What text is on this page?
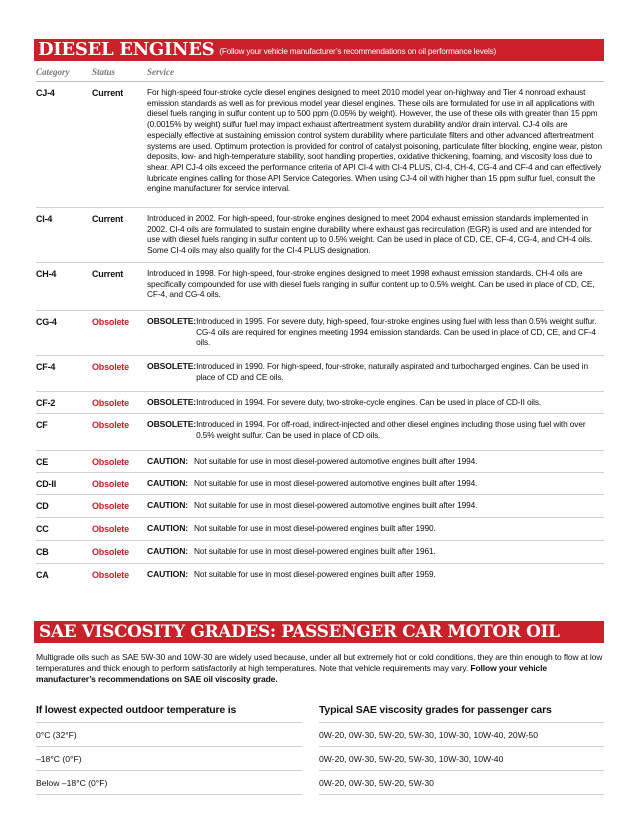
DIESEL ENGINES (Follow your vehicle manufacturer’s recommendations on oil performance levels)
Category	Status	Service
CJ-4	Current	For high-speed four-stroke cycle diesel engines designed to meet 2010 model year on-highway and Tier 4 nonroad exhaust emission standards as well as for previous model year diesel engines. These oils are formulated for use in all applications with diesel fuels ranging in sulfur content up to 500 ppm (0.05% by weight). However, the use of these oils with greater than 15 ppm (0.0015% by weight) sulfur fuel may impact exhaust aftertreatment system durability and/or drain interval. CJ-4 oils are especially effective at sustaining emission control system durability where particulate filters and other advanced aftertreatment systems are used. Optimum protection is provided for control of catalyst poisoning, particulate filter blocking, engine wear, piston deposits, low- and high-temperature stability, soot handling properties, oxidative thickening, foaming, and viscosity loss due to shear. API CJ-4 oils exceed the performance criteria of API CI-4 with CI-4 PLUS, CI-4, CH-4, CG-4 and CF-4 and can effectively lubricate engines calling for those API Service Categories. When using CJ-4 oil with higher than 15 ppm sulfur fuel, consult the engine manufacturer for service interval.
CI-4	Current	Introduced in 2002. For high-speed, four-stroke engines designed to meet 2004 exhaust emission standards implemented in 2002. CI-4 oils are formulated to sustain engine durability where exhaust gas recirculation (EGR) is used and are intended for use with diesel fuels ranging in sulfur content up to 0.5% weight. Can be used in place of CD, CE, CF-4, CG-4, and CH-4 oils. Some CI-4 oils may also qualify for the CI-4 PLUS designation.
CH-4	Current	Introduced in 1998. For high-speed, four-stroke engines designed to meet 1998 exhaust emission standards. CH-4 oils are specifically compounded for use with diesel fuels ranging in sulfur content up to 0.5% weight. Can be used in place of CD, CE, CF-4, and CG-4 oils.
CG-4	Obsolete OBSOLETE: Introduced in 1995. For severe duty, high-speed, four-stroke engines using fuel with less than 0.5% weight sulfur. CG-4 oils are required for engines meeting 1994 emission standards. Can be used in place of CD, CE, and CF-4 oils.
CF-4	Obsolete OBSOLETE: Introduced in 1990. For high-speed, four-stroke, naturally aspirated and turbocharged engines. Can be used in place of CD and CE oils.
CF-2	Obsolete OBSOLETE: Introduced in 1994. For severe duty, two-stroke-cycle engines. Can be used in place of CD-II oils.
CF	Obsolete OBSOLETE: Introduced in 1994. For off-road, indirect-injected and other diesel engines including those using fuel with over 0.5% weight sulfur. Can be used in place of CD oils.
CE	Obsolete CAUTION: Not suitable for use in most diesel-powered automotive engines built after 1994.
CD-II	Obsolete CAUTION: Not suitable for use in most diesel-powered automotive engines built after 1994.
CD	Obsolete CAUTION: Not suitable for use in most diesel-powered automotive engines built after 1994.
CC	Obsolete CAUTION: Not suitable for use in most diesel-powered engines built after 1990.
CB	Obsolete CAUTION: Not suitable for use in most diesel-powered engines built after 1961.
CA	Obsolete CAUTION: Not suitable for use in most diesel-powered engines built after 1959.
SAE VISCOSITY GRADES: PASSENGER CAR MOTOR OIL

Multigrade oils such as SAE 5W-30 and 10W-30 are widely used because, under all but extremely hot or cold conditions, they are thin enough to flow at low temperatures and thick enough to perform satisfactorily at high temperatures. Note that vehicle requirements may vary. Follow your vehicle manufacturer’s recommendations on SAE oil viscosity grade.

If lowest expected outdoor temperature is	Typical SAE viscosity grades for passenger cars
0°C (32°F)	0W-20, 0W-30, 5W-20, 5W-30, 10W-30, 10W-40, 20W-50
–18°C (0°F)	0W-20, 0W-30, 5W-20, 5W-30, 10W-30, 10W-40
Below –18°C (0°F)	0W-20, 0W-30, 5W-20, 5W-30
